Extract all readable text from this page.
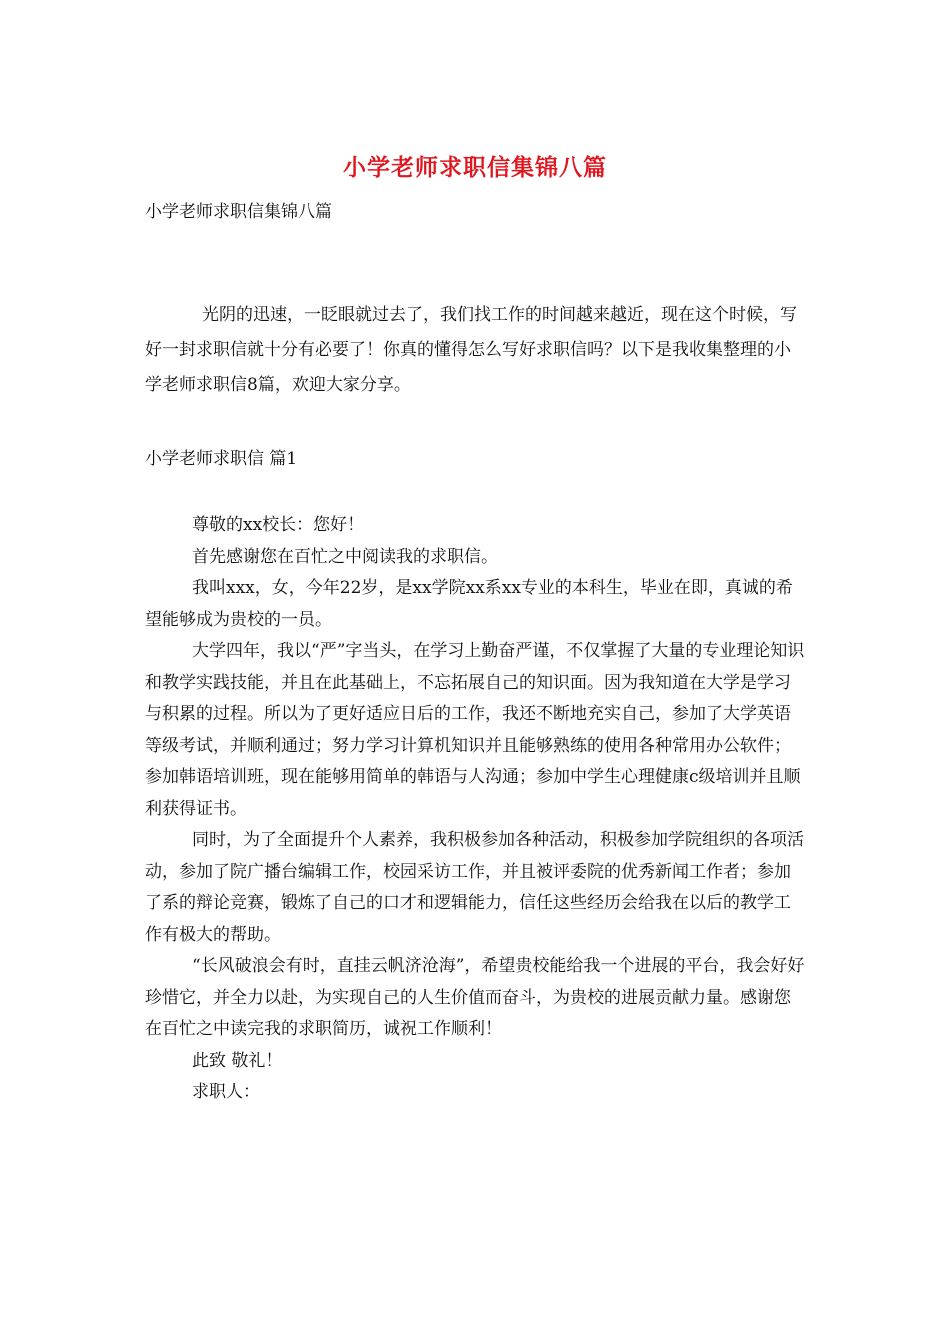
小学老师求职信集锦八篇
小学老师求职信集锦八篇

光阴的迅速，一眨眼就过去了，我们找工作的时间越来越近，现在这个时候，写好一封求职信就十分有必要了！你真的懂得怎么写好求职信吗？以下是我收集整理的小学老师求职信8篇，欢迎大家分享。

小学老师求职信 篇1

尊敬的xx校长：您好！

首先感谢您在百忙之中阅读我的求职信。

我叫xxx，女，今年22岁，是xx学院xx系xx专业的本科生，毕业在即，真诚的希望能够成为贵校的一员。

大学四年，我以“严”字当头，在学习上勤奋严谨，不仅掌握了大量的专业理论知识和教学实践技能，并且在此基础上，不忘拓展自己的知识面。因为我知道在大学是学习与积累的过程。所以为了更好适应日后的工作，我还不断地充实自己，参加了大学英语等级考试，并顺利通过；努力学习计算机知识并且能够熟练的使用各种常用办公软件；参加韩语培训班，现在能够用简单的韩语与人沟通；参加中学生心理健康c级培训并且顺利获得证书。

同时，为了全面提升个人素养，我积极参加各种活动，积极参加学院组织的各项活动，参加了院广播台编辑工作，校园采访工作，并且被评委院的优秀新闻工作者；参加了系的辩论竞赛，锻炼了自己的口才和逻辑能力，信任这些经历会给我在以后的教学工作有极大的帮助。

“长风破浪会有时，直挂云帆济沧海”，希望贵校能给我一个进展的平台，我会好好珍惜它，并全力以赴，为实现自己的人生价值而奋斗，为贵校的进展贡献力量。感谢您在百忙之中读完我的求职简历，诚祝工作顺利！

此致 敬礼！

求职人：
